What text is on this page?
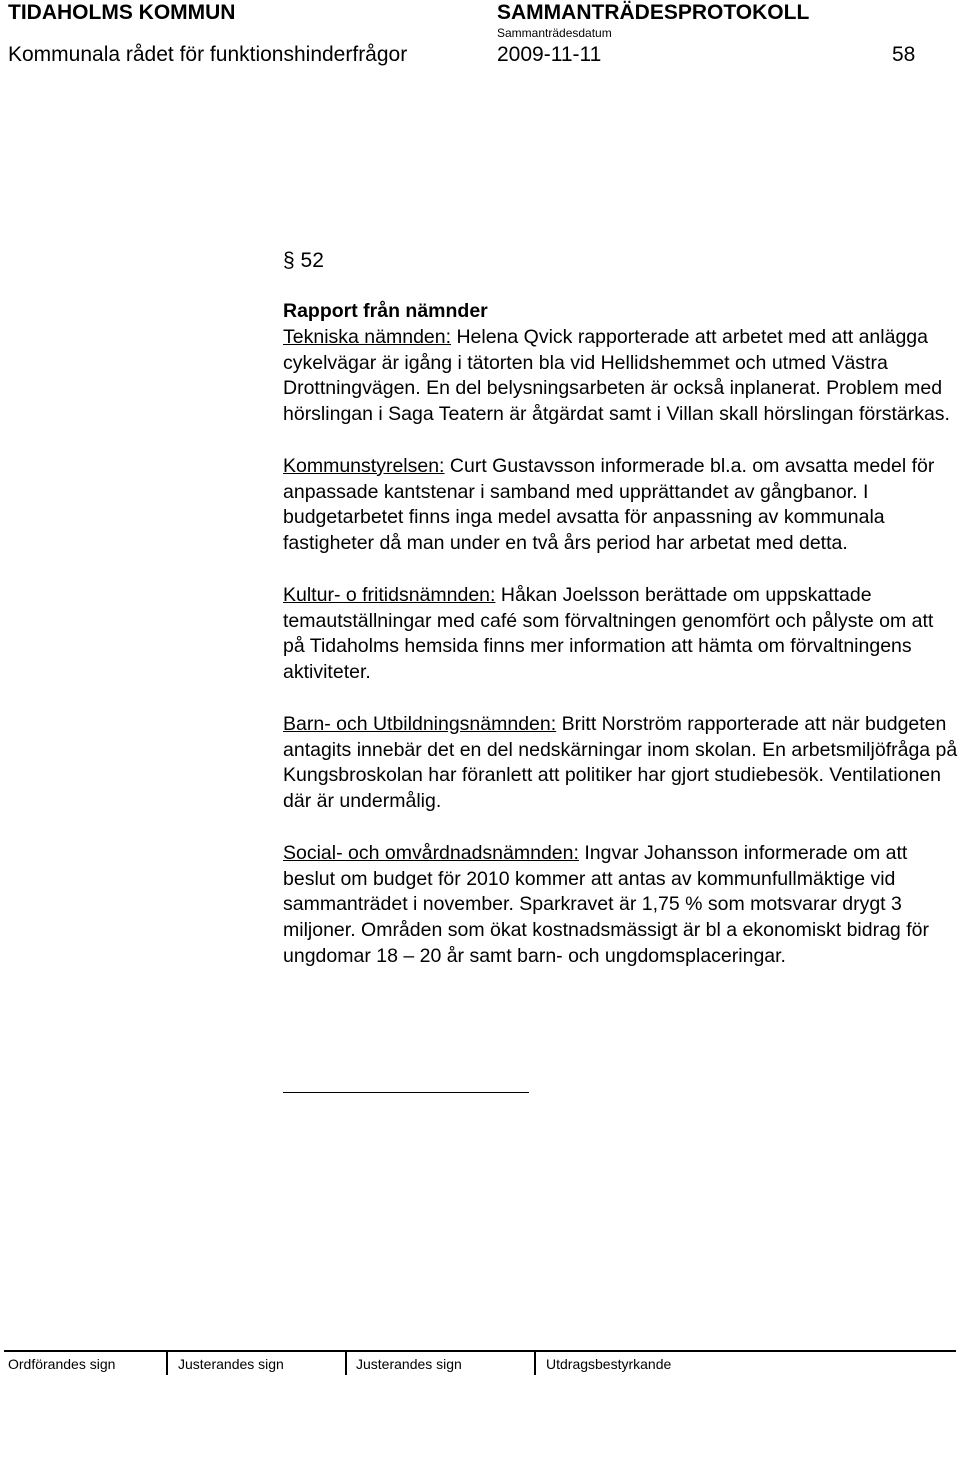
TIDAHOLMS KOMMUN	SAMMANTRÄDESPROTOKOLL
Sammanträdesdatum
Kommunala rådet för funktionshinderfrågor	2009-11-11	58
§ 52
Rapport från nämnder

Tekniska nämnden: Helena Qvick rapporterade att arbetet med att anlägga cykelvägar är igång i tätorten bla vid Hellidshemmet och utmed Västra Drottningvägen. En del belysningsarbeten är också inplanerat. Problem med hörslingan i Saga Teatern är åtgärdat samt i Villan skall hörslingan förstärkas.

Kommunstyrelsen: Curt Gustavsson informerade bl.a. om avsatta medel för anpassade kantstenar i samband med upprättandet av gångbanor. I budgetarbetet finns inga medel avsatta för anpassning av kommunala fastigheter då man under en två års period har arbetat med detta.

Kultur- o fritidsnämnden: Håkan Joelsson berättade om uppskattade temautställningar med café som förvaltningen genomfört och pålyste om att på Tidaholms hemsida finns mer information att hämta om förvaltningens aktiviteter.

Barn- och Utbildningsnämnden: Britt Norström rapporterade att när budgeten antagits innebär det en del nedskärningar inom skolan. En arbetsmiljöfråga på Kungsbroskolan har föranlett att politiker har gjort studiebesök. Ventilationen där är undermålig.

Social- och omvårdnadsnämnden: Ingvar Johansson informerade om att beslut om budget för 2010 kommer att antas av kommunfullmäktige vid sammanträdet i november. Sparkravet är 1,75 % som motsvarar drygt 3 miljoner. Områden som ökat kostnadsmässigt är bl a ekonomiskt bidrag för ungdomar 18 – 20 år samt barn- och ungdomsplaceringar.

Ordförandes sign	Justerandes sign	Justerandes sign	Utdragsbestyrkande
